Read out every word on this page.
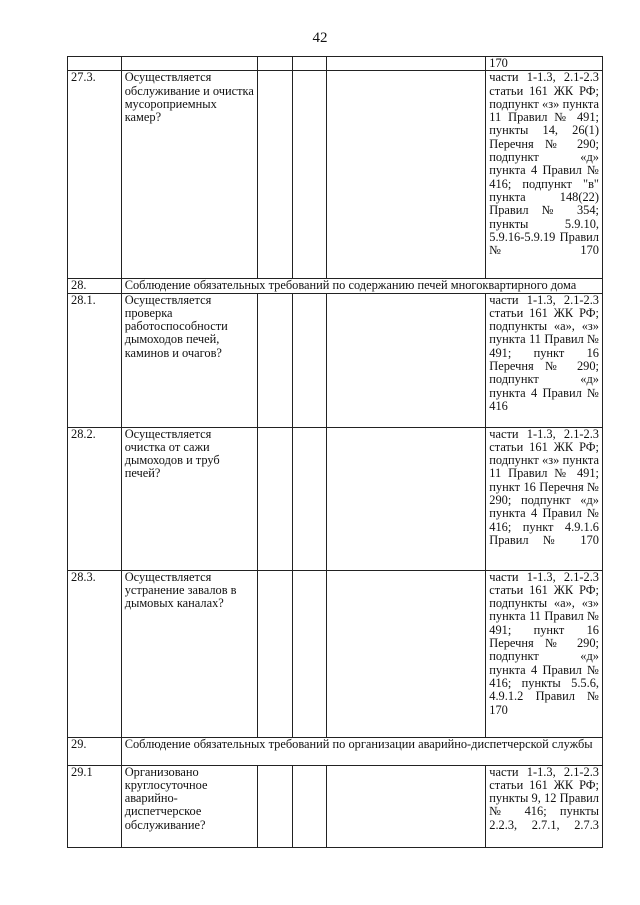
42

					170

27.3.	Осуществляется обслуживание и очистка мусороприемных камер?				части 1-1.3, 2.1-2.3 статьи 161 ЖК РФ; подпункт «з» пункта 11 Правил № 491; пункты 14, 26(1) Перечня № 290; подпункт «д» пункта 4 Правил № 416; подпункт "в" пункта 148(22) Правил № 354; пункты 5.9.10, 5.9.16-5.9.19 Правил № 170

28.	Соблюдение обязательных требований по содержанию печей многоквартирного дома				

28.1.	Осуществляется проверка работоспособности дымоходов печей, каминов и очагов?				части 1-1.3, 2.1-2.3 статьи 161 ЖК РФ; подпункты «а», «з» пункта 11 Правил № 491; пункт 16 Перечня № 290; подпункт «д» пункта 4 Правил № 416

28.2.	Осуществляется очистка от сажи дымоходов и труб печей?				части 1-1.3, 2.1-2.3 статьи 161 ЖК РФ; подпункт «з» пункта 11 Правил № 491; пункт 16 Перечня № 290; подпункт «д» пункта 4 Правил № 416; пункт 4.9.1.6 Правил № 170

28.3.	Осуществляется устранение завалов в дымовых каналах?				части 1-1.3, 2.1-2.3 статьи 161 ЖК РФ; подпункты «а», «з» пункта 11 Правил № 491; пункт 16 Перечня № 290; подпункт «д» пункта 4 Правил № 416; пункты 5.5.6, 4.9.1.2 Правил № 170

29.	Соблюдение обязательных требований по организации аварийно-диспетчерской службы				

29.1	Организовано круглосуточное аварийно-диспетчерское обслуживание?				части 1-1.3, 2.1-2.3 статьи 161 ЖК РФ; пункты 9, 12 Правил № 416; пункты 2.2.3, 2.7.1, 2.7.3
